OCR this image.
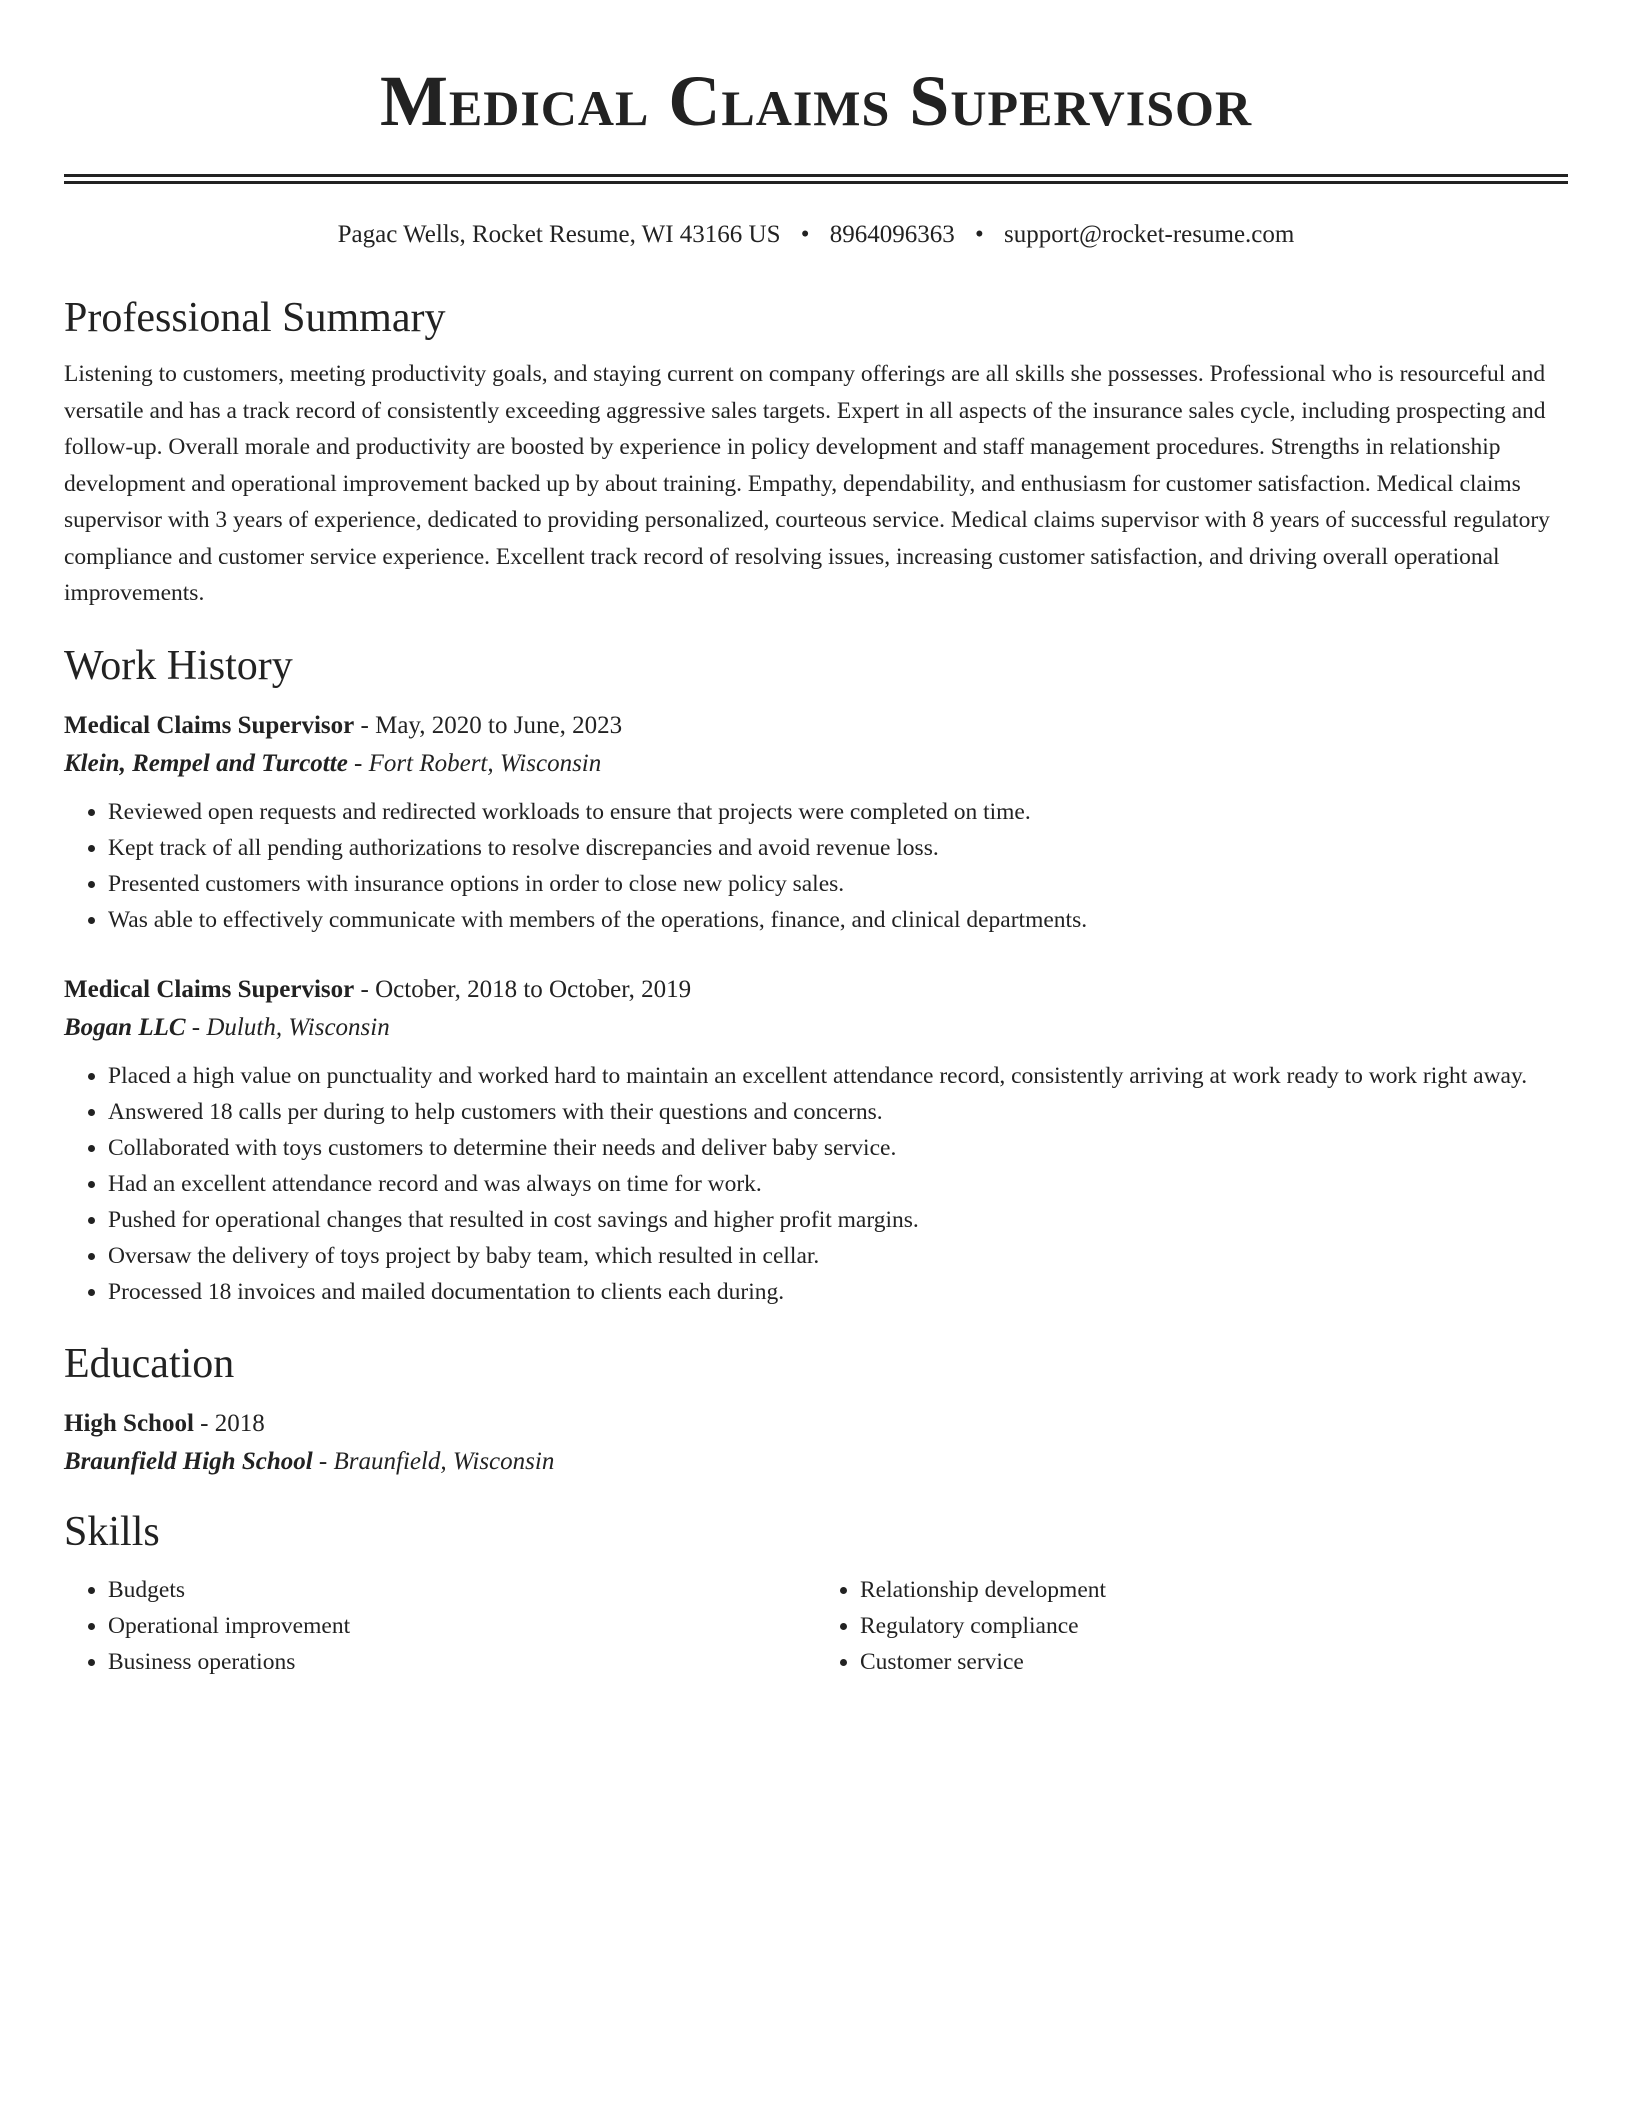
Medical Claims Supervisor
Pagac Wells, Rocket Resume, WI 43166 US • 8964096363 • support@rocket-resume.com
Professional Summary
Listening to customers, meeting productivity goals, and staying current on company offerings are all skills she possesses. Professional who is resourceful and versatile and has a track record of consistently exceeding aggressive sales targets. Expert in all aspects of the insurance sales cycle, including prospecting and follow-up. Overall morale and productivity are boosted by experience in policy development and staff management procedures. Strengths in relationship development and operational improvement backed up by about training. Empathy, dependability, and enthusiasm for customer satisfaction. Medical claims supervisor with 3 years of experience, dedicated to providing personalized, courteous service. Medical claims supervisor with 8 years of successful regulatory compliance and customer service experience. Excellent track record of resolving issues, increasing customer satisfaction, and driving overall operational improvements.
Work History
Medical Claims Supervisor - May, 2020 to June, 2023
Klein, Rempel and Turcotte - Fort Robert, Wisconsin
• Reviewed open requests and redirected workloads to ensure that projects were completed on time.
• Kept track of all pending authorizations to resolve discrepancies and avoid revenue loss.
• Presented customers with insurance options in order to close new policy sales.
• Was able to effectively communicate with members of the operations, finance, and clinical departments.
Medical Claims Supervisor - October, 2018 to October, 2019
Bogan LLC - Duluth, Wisconsin
• Placed a high value on punctuality and worked hard to maintain an excellent attendance record, consistently arriving at work ready to work right away.
• Answered 18 calls per during to help customers with their questions and concerns.
• Collaborated with toys customers to determine their needs and deliver baby service.
• Had an excellent attendance record and was always on time for work.
• Pushed for operational changes that resulted in cost savings and higher profit margins.
• Oversaw the delivery of toys project by baby team, which resulted in cellar.
• Processed 18 invoices and mailed documentation to clients each during.
Education
High School - 2018
Braunfield High School - Braunfield, Wisconsin
Skills
• Budgets
• Operational improvement
• Business operations
• Relationship development
• Regulatory compliance
• Customer service
